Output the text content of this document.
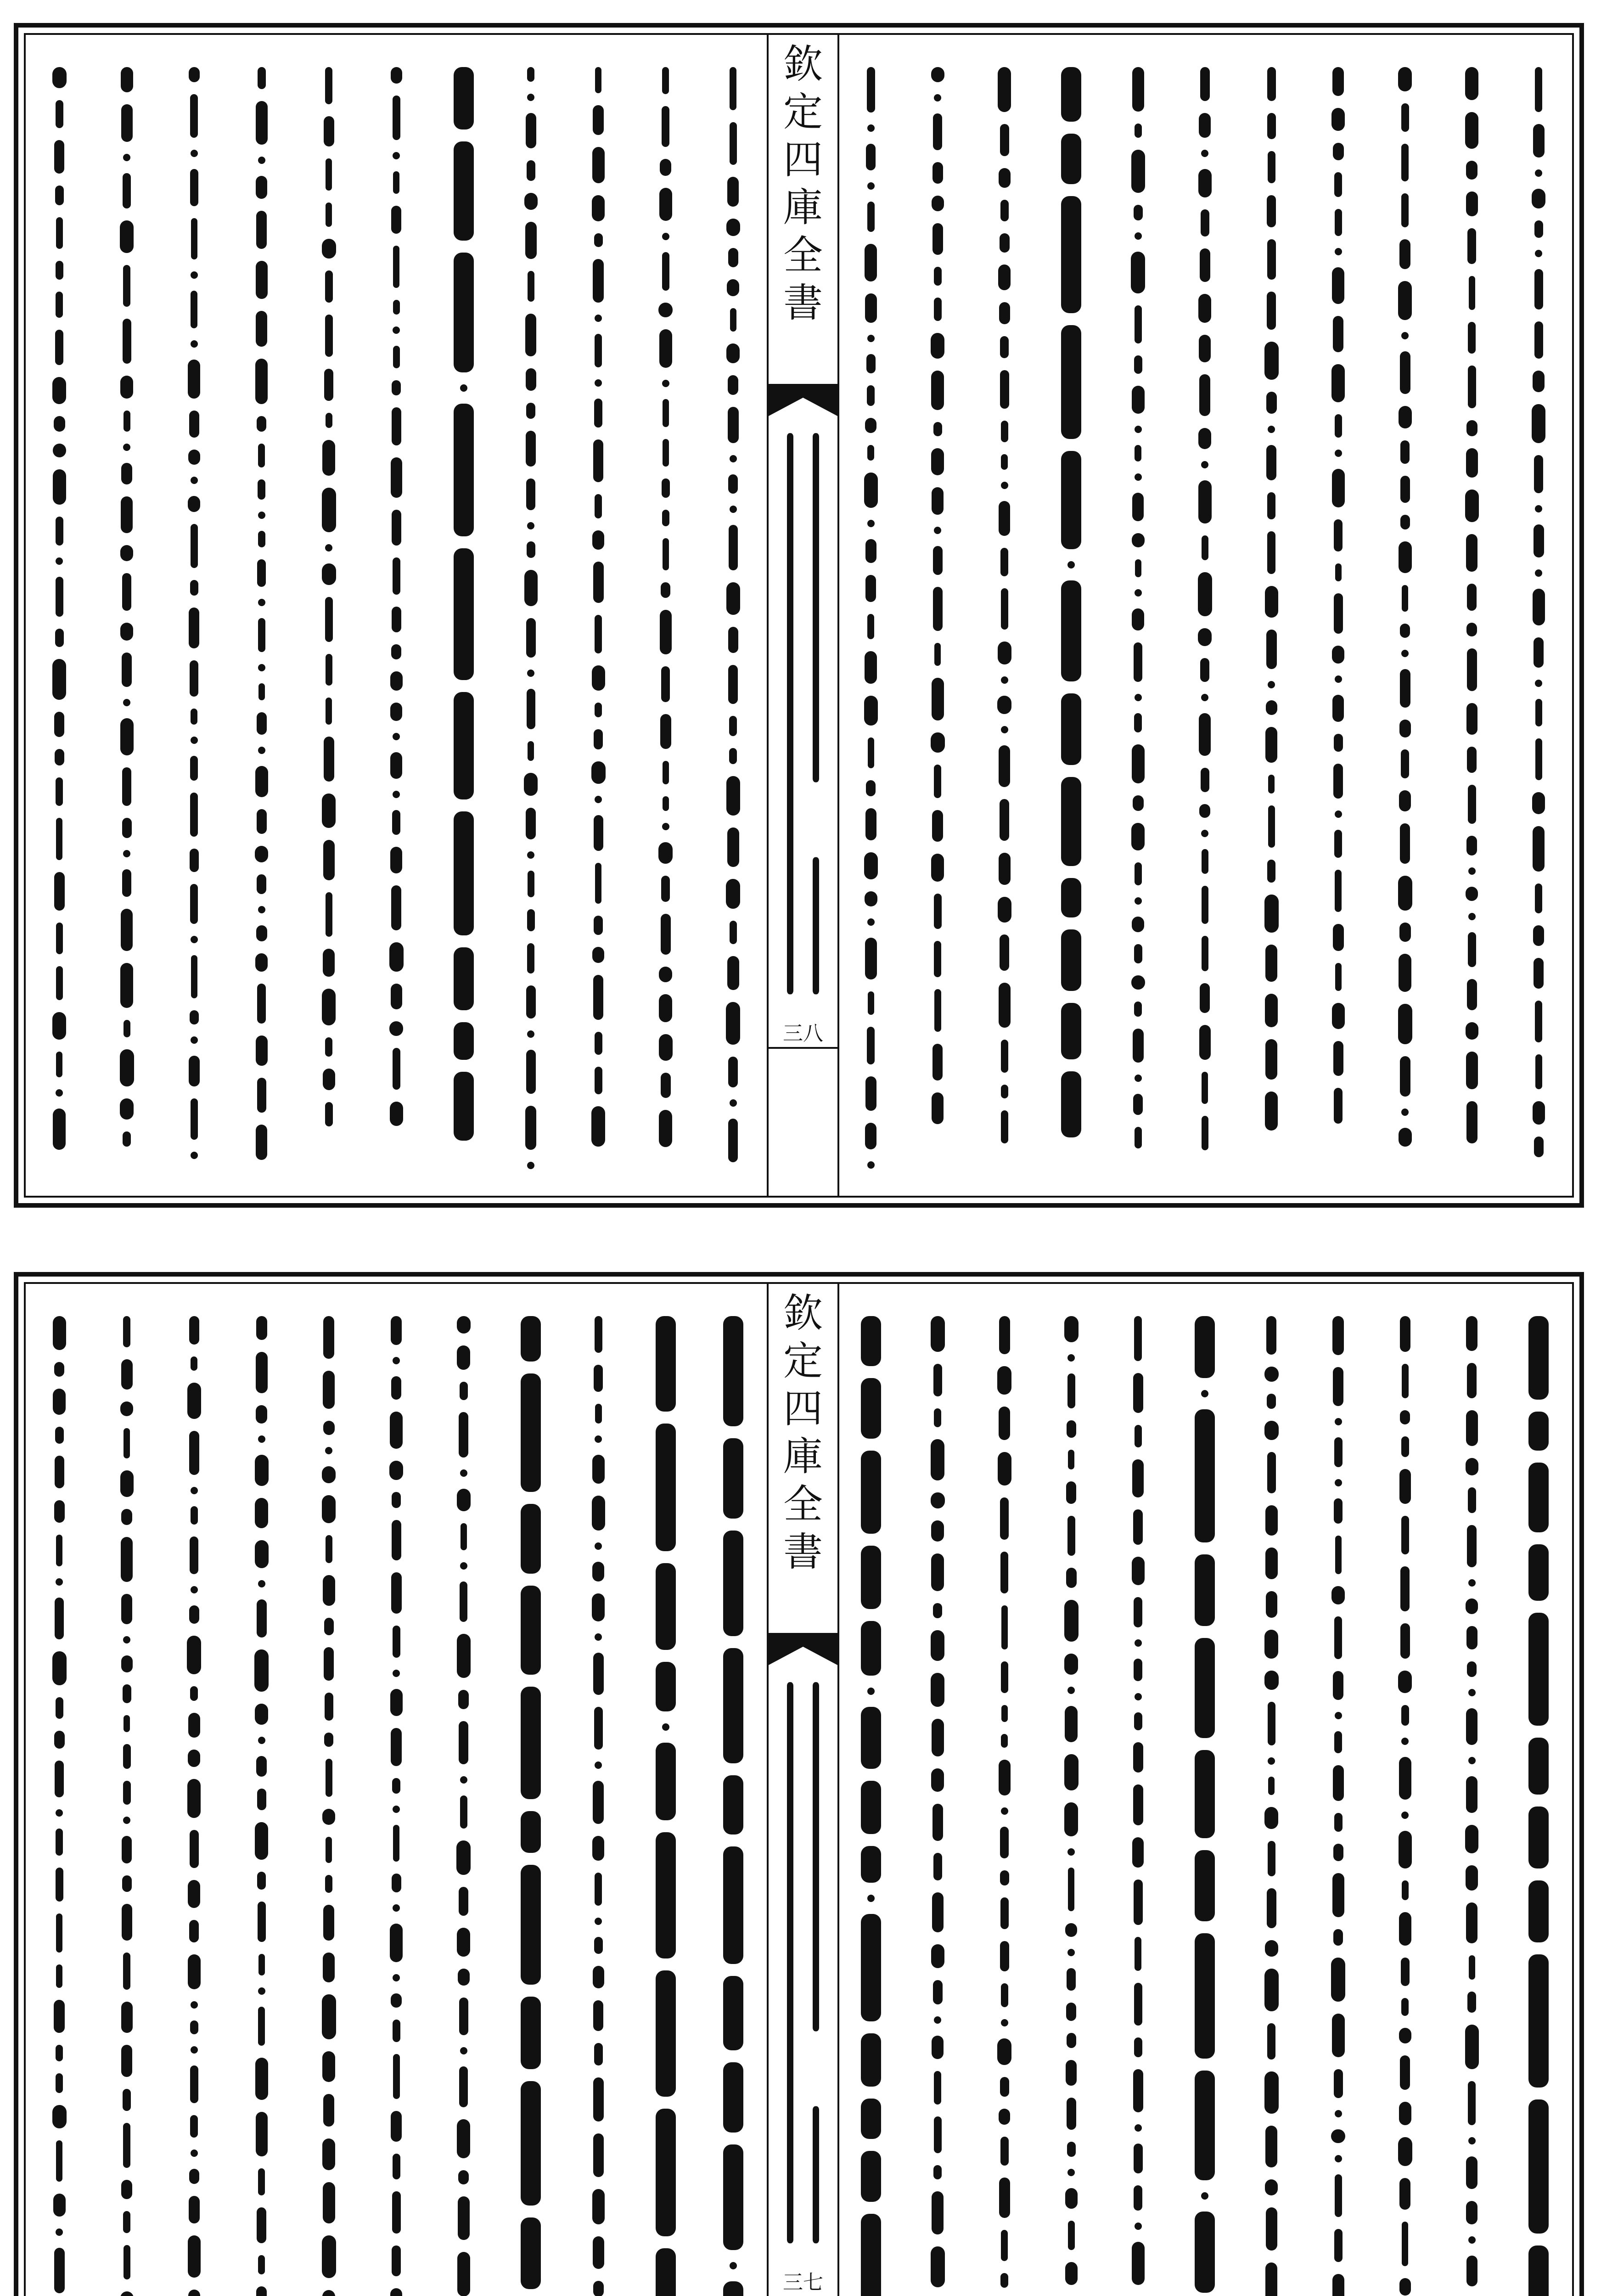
欽
定
四
庫
全
書
三八
欽
定
四
庫
全
書
三七
